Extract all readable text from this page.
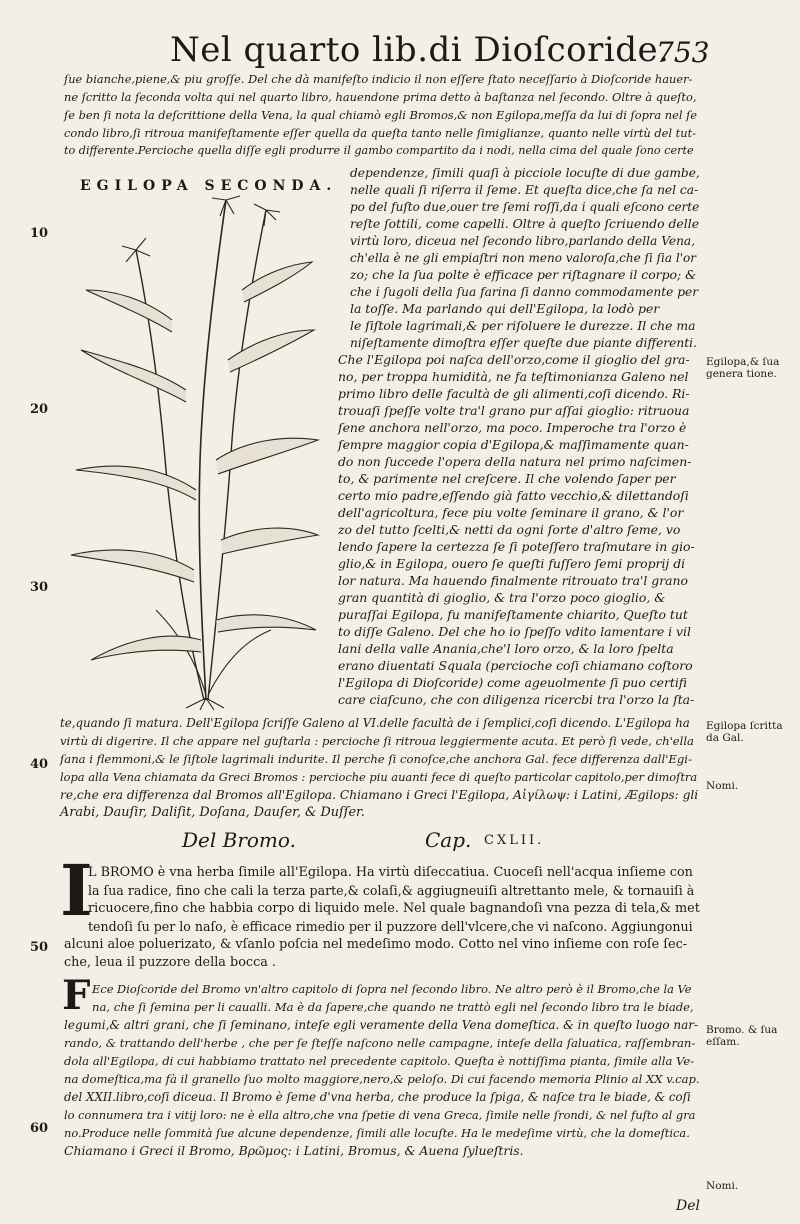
Nel quarto lib.di Dioſcoride.
753
ſue bianche,piene,& piu groſſe. Del che dà manifeſto indicio il non eſſere ſtato neceſſario à Dioſcoride hauer-
ne ſcritto la ſeconda volta qui nel quarto libro, hauendone prima detto à baſtanza nel ſecondo. Oltre à queſto,
ſe ben ſi nota la deſcrittione della Vena, la qual chiamò egli Bromos,& non Egilopa,meſſa da lui di ſopra nel ſe
condo libro,ſi ritroua manifeſtamente eſſer quella da queſta tanto nelle ſimiglianze, quanto nelle virtù del tut-
to differente.Percioche quella diſſe egli produrre il gambo compartito da i nodi, nella cima del quale ſono certe
EGILOPA SECONDA.
10
20
30
40
50
60
dependenze, ſimili quaſi à picciole locuſte di due gambe,
nelle quali ſi riſerra il ſeme. Et queſta dice,che ſa nel ca-
po del fuſto due,ouer tre ſemi roſſi,da i quali eſcono certe
reſte ſottili, come capelli. Oltre à queſto ſcriuendo delle
virtù loro, diceua nel ſecondo libro,parlando della Vena,
ch'ella è ne gli empiaſtri non meno valoroſa,che ſi ſia l'or
zo; che la ſua polte è efficace per riſtagnare il corpo; &
che i ſugoli della ſua farina ſi danno commodamente per
la toſſe. Ma parlando qui dell'Egilopa, la lodò per
le ſiſtole lagrimali,& per riſoluere le durezze. Il che ma
niſeſtamente dimoſtra eſſer queſte due piante differenti.
Che l'Egilopa poi naſca dell'orzo,come il gioglio del gra-
no, per troppa humidità, ne fa teſtimonianza Galeno nel
primo libro delle facultà de gli alimenti,coſi dicendo. Ri-
trouaſi ſpeſſe volte tra'l grano pur aſſai gioglio: ritruoua
ſene anchora nell'orzo, ma poco. Imperoche tra l'orzo è
ſempre maggior copia d'Egilopa,& maſſimamente quan-
do non ſuccede l'opera della natura nel primo naſcimen-
to, & parimente nel creſcere. Il che volendo ſaper per
certo mio padre,eſſendo già fatto vecchio,& dilettandoſi
dell'agricoltura, fece piu volte ſeminare il grano, & l'or
zo del tutto ſcelti,& netti da ogni ſorte d'altro ſeme, vo
lendo ſapere la certezza ſe ſi poteſſero traſmutare in gio-
glio,& in Egilopa, ouero ſe queſti fuſſero ſemi proprij di
lor natura. Ma hauendo finalmente ritrouato tra'l grano
gran quantità di gioglio, & tra l'orzo poco gioglio, &
puraſſai Egilopa, fu manifeſtamente chiarito, Queſto tut
to diſſe Galeno. Del che ho io ſpeſſo vdito lamentare i vil
lani della valle Anania,che'l loro orzo, & la loro ſpelta
erano diuentati Squala (percioche coſi chiamano coſtoro
l'Egilopa di Dioſcoride) come ageuolmente ſi puo certifi
care ciaſcuno, che con diligenza ricercbi tra l'orzo la ſta-
Egilopa,& ſua genera tione.
Egilopa ſcritta da Gal.
Nomi.
Bromo. & ſua eſſam.
Nomi.
te,quando ſi matura. Dell'Egilopa ſcriſſe Galeno al VI.delle facultà de i ſemplici,coſi dicendo. L'Egilopa ha
virtù di digerire. Il che appare nel guſtarla : percioche ſi ritroua leggiermente acuta. Et però ſi vede, ch'ella
ſana i flemmoni,& le ſiſtole lagrimali indurite. Il perche ſi conoſce,che anchora Gal. fece differenza dall'Egi-
lopa alla Vena chiamata da Greci Bromos : percioche piu auanti fece di queſto particolar capitolo,per dimoſtra
re,che era differenza dal Bromos all'Egilopa. Chiamano i Greci l'Egilopa, Αἰγίλωψ: i Latini, Ægilops: gli
Arabi, Dauſir, Daliſit, Doſana, Dauſer, & Duſſer.
Del Bromo.	Cap. CXLII.
I
L BROMO è vna herba ſimile all'Egilopa. Ha virtù diſeccatiua. Cuoceſi nell'acqua inſieme con
la ſua radice, fino che cali la terza parte,& colaſi,& aggiugneuiſi altrettanto mele, & tornauiſi à
ricuocere,fino che habbia corpo di liquido mele. Nel quale bagnandoſi vna pezza di tela,& met
tendoſi ſu per lo naſo, è efficace rimedio per il puzzore dell'vlcere,che vi naſcono. Aggiungonui
alcuni aloe poluerizato, & vſanlo poſcia nel medeſimo modo. Cotto nel vino inſieme con roſe ſec-
che, leua il puzzore della bocca .
F Ece Dioſcoride del Bromo vn'altro capitolo di ſopra nel ſecondo libro. Ne altro però è il Bromo,che la Ve
na, che ſi ſemina per li caualli. Ma è da ſapere,che quando ne trattò egli nel ſecondo libro tra le biade,
legumi,& altri grani, che ſi ſeminano, inteſe egli veramente della Vena domeſtica. & in queſto luogo nar-
rando, & trattando dell'herbe , che per ſe ſteſſe naſcono nelle campagne, inteſe della ſaluatica, raſſembran-
dola all'Egilopa, di cui habbiamo trattato nel precedente capitolo. Queſta è nottiſſima pianta, ſimile alla Ve-
na domeſtica,ma fà il granello ſuo molto maggiore,nero,& peloſo. Di cui facendo memoria Plinio al XX v.cap.
del XXII.libro,coſi diceua. Il Bromo è ſeme d'vna herba, che produce la ſpiga, & naſce tra le biade, & coſi
lo connumera tra i vitij loro: ne è ella altro,che vna ſpetie di vena Greca, ſimile nelle ſrondi, & nel fuſto al gra
no.Produce nelle ſommità ſue alcune dependenze, ſimili alle locuſte. Ha le medeſime virtù, che la domeſtica.
Chiamano i Greci il Bromo, Βρῶμος: i Latini, Bromus, & Auena ſylueſtris.
Del
